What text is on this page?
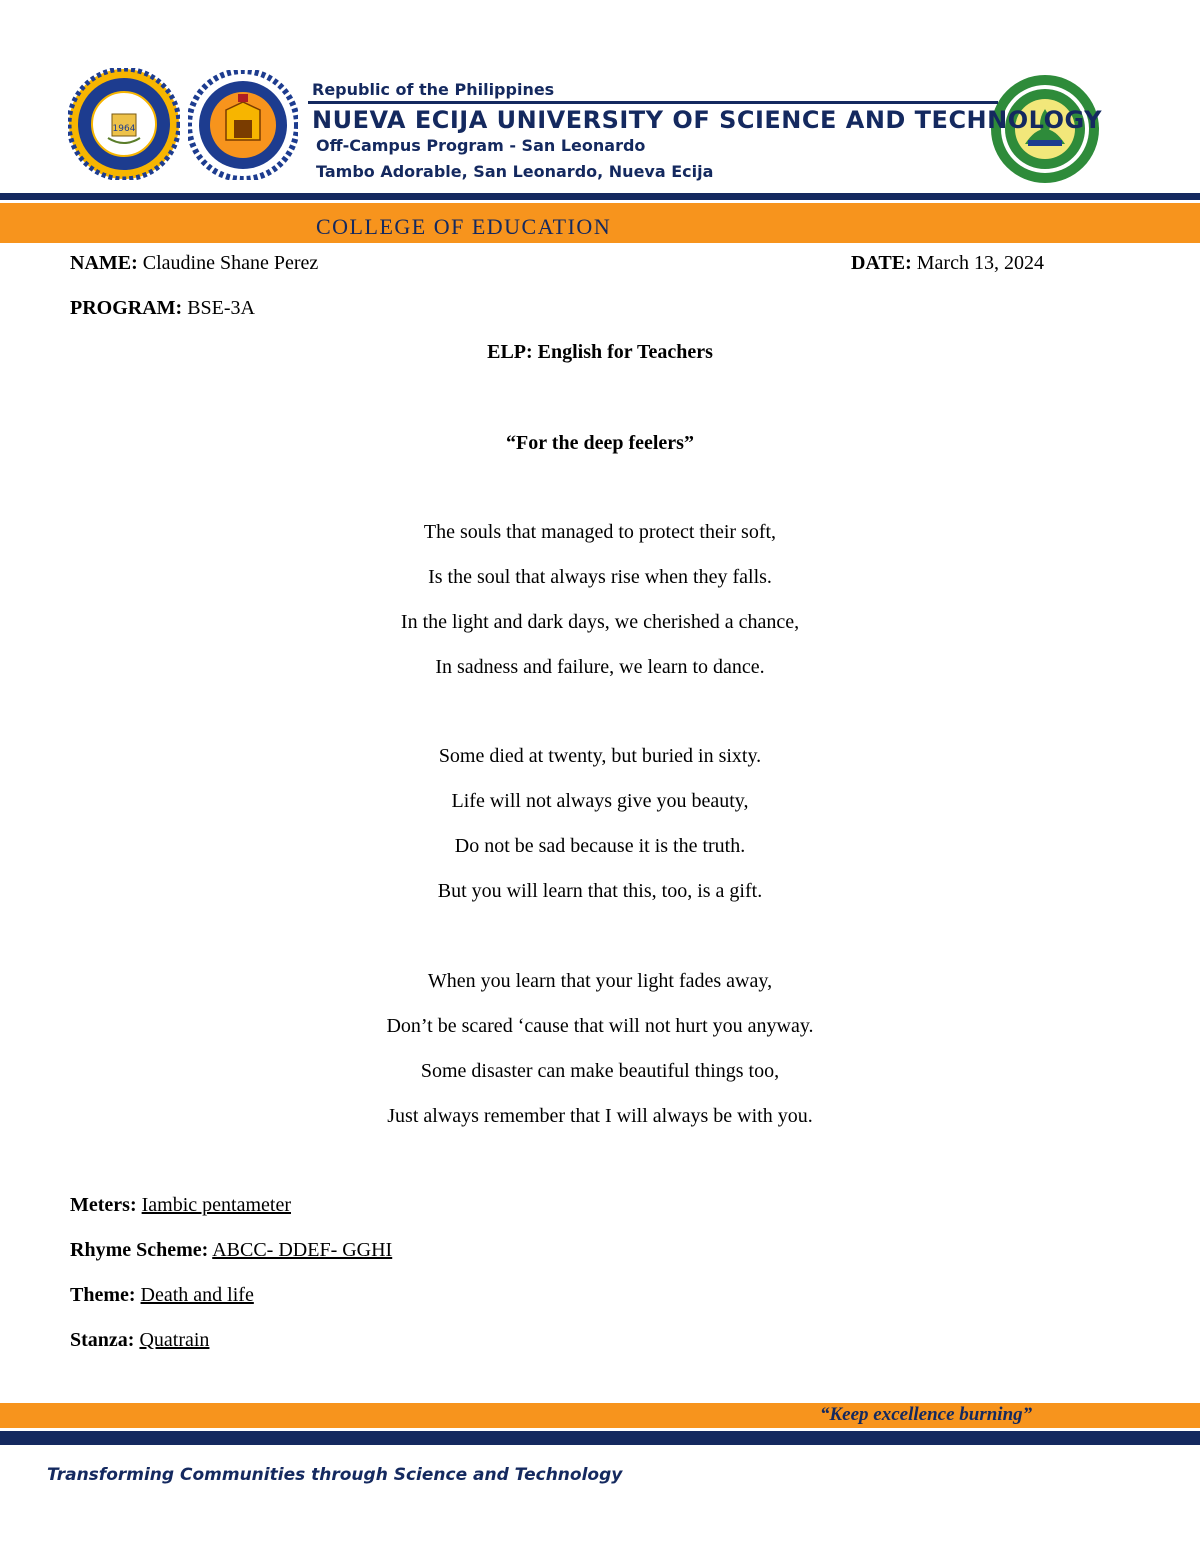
1964
Republic of the Philippines
NUEVA ECIJA UNIVERSITY OF SCIENCE AND TECHNOLOGY
Off-Campus Program - San Leonardo
Tambo Adorable, San Leonardo, Nueva Ecija
COLLEGE OF EDUCATION
NAME: Claudine Shane Perez	DATE: March 13, 2024
PROGRAM: BSE-3A
ELP: English for Teachers
“For the deep feelers”
The souls that managed to protect their soft,
Is the soul that always rise when they falls.
In the light and dark days, we cherished a chance,
In sadness and failure, we learn to dance.
Some died at twenty, but buried in sixty.
Life will not always give you beauty,
Do not be sad because it is the truth.
But you will learn that this, too, is a gift.
When you learn that your light fades away,
Don’t be scared ‘cause that will not hurt you anyway.
Some disaster can make beautiful things too,
Just always remember that I will always be with you.
Meters: Iambic pentameter
Rhyme Scheme: ABCC- DDEF- GGHI
Theme: Death and life
Stanza: Quatrain
“Keep excellence burning”
Transforming Communities through Science and Technology
